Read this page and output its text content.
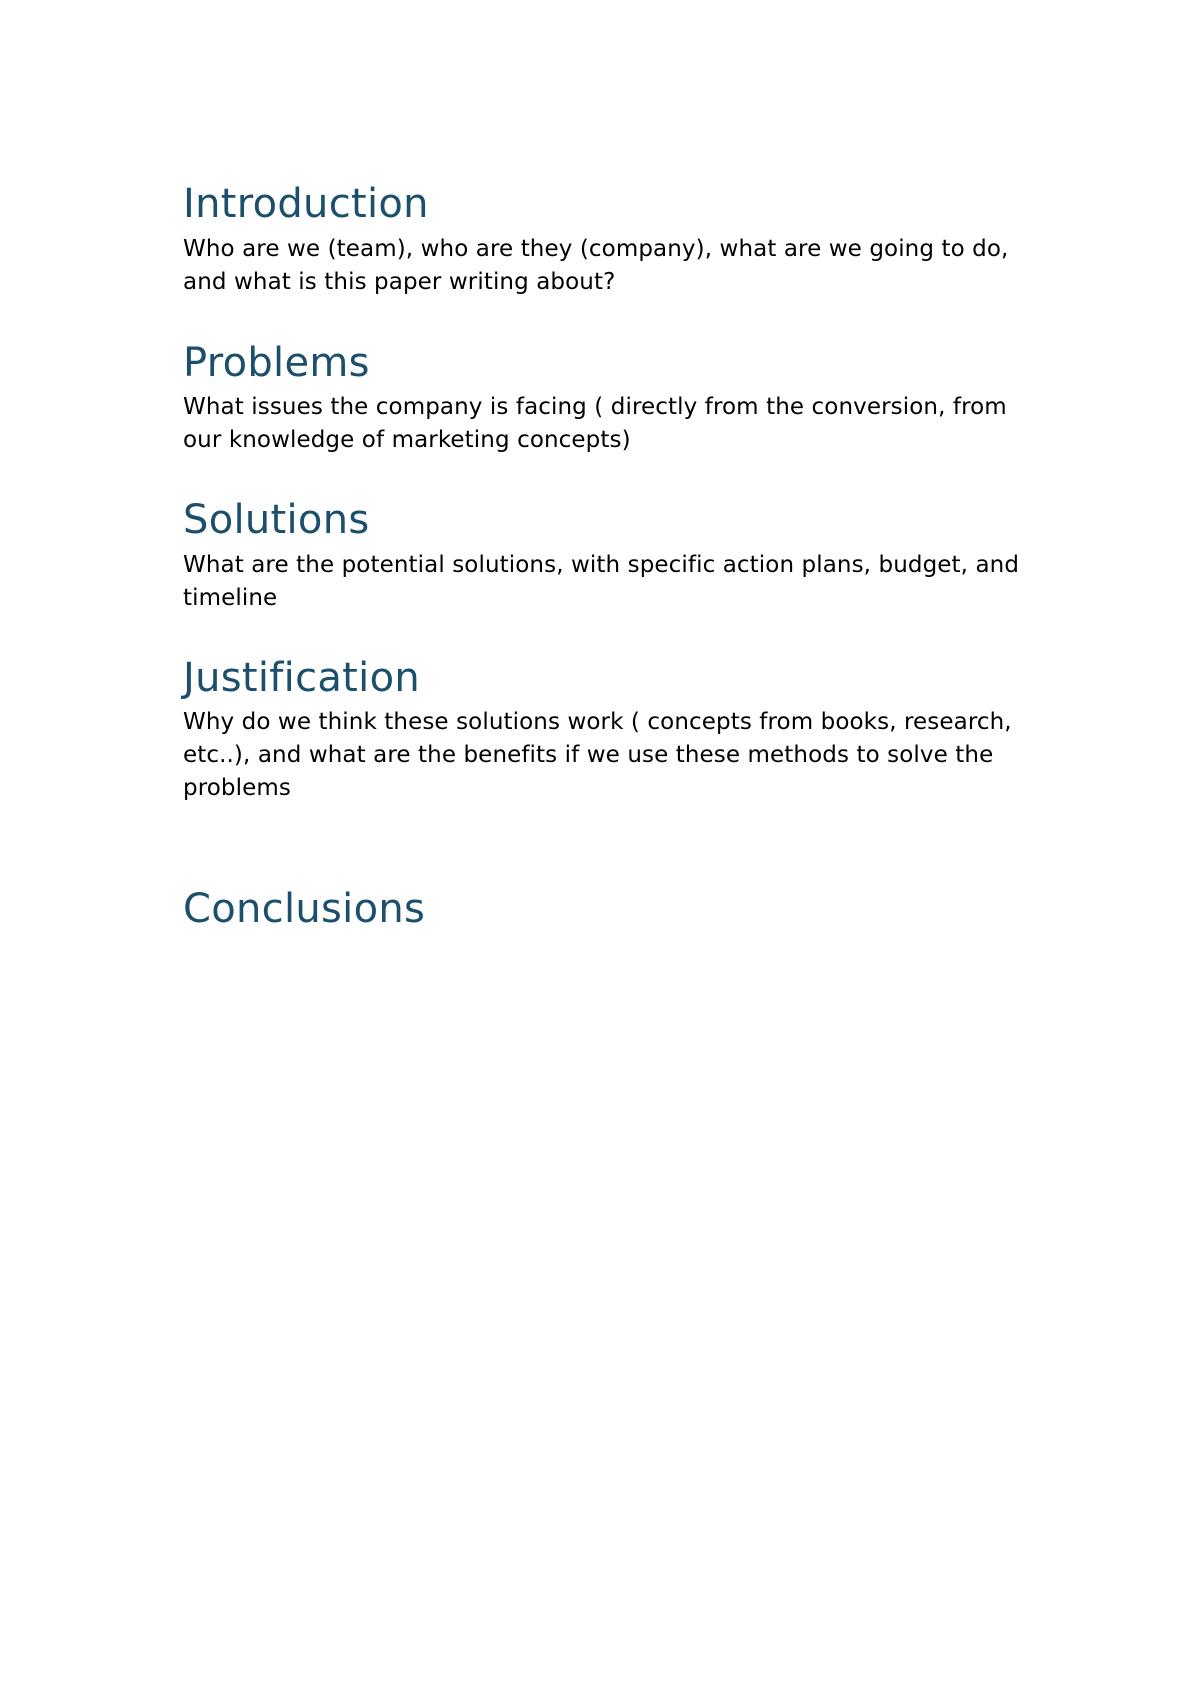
Introduction

Who are we (team), who are they (company), what are we going to do, and what is this paper writing about?

Problems

What issues the company is facing ( directly from the conversion, from our knowledge of marketing concepts)

Solutions

What are the potential solutions, with specific action plans, budget, and timeline

Justification

Why do we think these solutions work ( concepts from books, research, etc..), and what are the benefits if we use these methods to solve the problems

Conclusions
